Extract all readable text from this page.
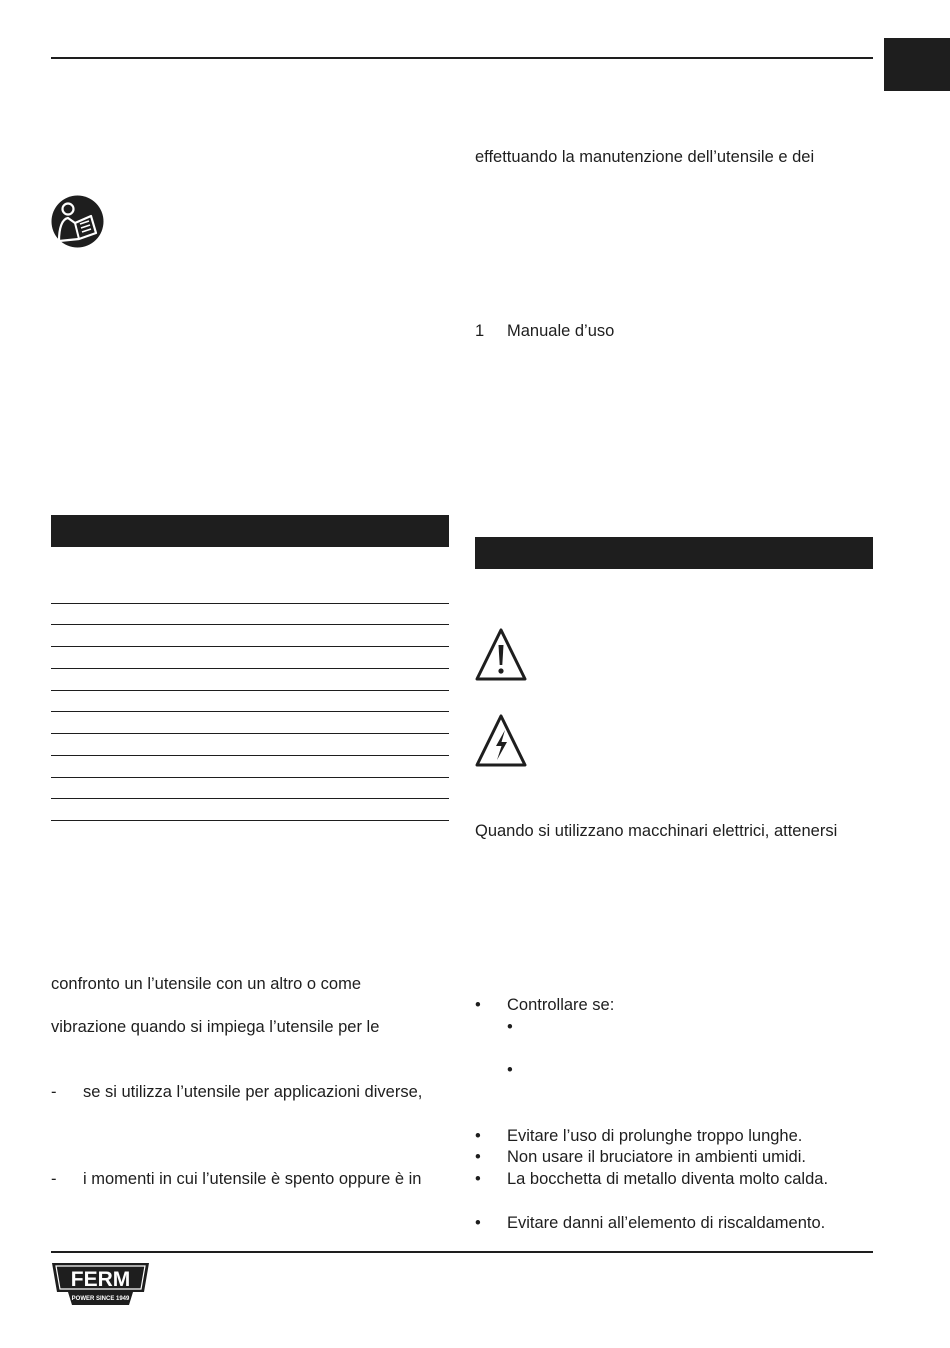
confronto un l’utensile con un altro o come
vibrazione quando si impiega l’utensile per le
- se si utilizza l’utensile per applicazioni diverse,
- i momenti in cui l’utensile è spento oppure è in
effettuando la manutenzione dell’utensile e dei
1 Manuale d’uso
Quando si utilizzano macchinari elettrici, attenersi
• Controllare se:
•
•
• Evitare l’uso di prolunghe troppo lunghe.
• Non usare il bruciatore in ambienti umidi.
• La bocchetta di metallo diventa molto calda.
• Evitare danni all’elemento di riscaldamento.
FERM
POWER SINCE 1949
